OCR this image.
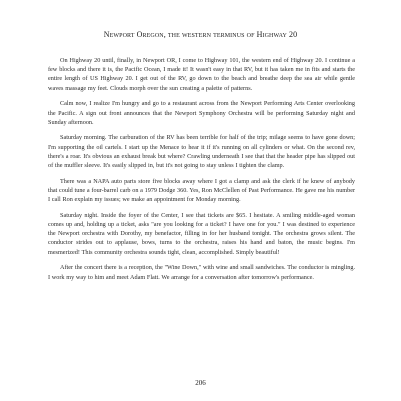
Newport Oregon, the western terminus of Highway 20

On Highway 20 until, finally, in Newport OR, I come to Highway 101, the western end of Highway 20. I continue a few blocks and there it is, the Pacific Ocean, I made it! It wasn't easy in that RV, but it has taken me in fits and starts the entire length of US Highway 20. I get out of the RV, go down to the beach and breathe deep the sea air while gentle waves massage my feet. Clouds morph over the sun creating a palette of patterns.

Calm now, I realize I'm hungry and go to a restaurant across from the Newport Performing Arts Center overlooking the Pacific. A sign out front announces that the Newport Symphony Orchestra will be performing Saturday night and Sunday afternoon.

Saturday morning. The carburation of the RV has been terrible for half of the trip; milage seems to have gone down; I'm supporting the oil cartels. I start up the Menace to hear it if it's running on all cylinders or what. On the second rev, there's a roar. It's obvious an exhaust break but where? Crawling underneath I see that that the header pipe has slipped out of the muffler sleeve. It's easily slipped in, but it's not going to stay unless I tighten the clamp.

There was a NAPA auto parts store five blocks away where I got a clamp and ask the clerk if he knew of anybody that could tune a four-barrel carb on a 1979 Dodge 360. Yes, Ron McClellen of Past Performance. He gave me his number I call Ron explain my issues; we make an appointment for Monday morning.

Saturday night. Inside the foyer of the Center, I see that tickets are $65. I hesitate. A smiling middle-aged woman comes up and, holding up a ticket, asks "are you looking for a ticket? I have one for you." I was destined to experience the Newport orchestra with Dorothy, my benefactor, filling in for her husband tonight. The orchestra grows silent. The conductor strides out to applause, bows, turns to the orchestra, raises his hand and baton, the music begins. I'm mesmerized! This community orchestra sounds tight, clean, accomplished. Simply beautiful!

After the concert there is a reception, the "Wine Down," with wine and small sandwiches. The conductor is mingling. I work my way to him and meet Adam Flatt. We arrange for a conversation after tomorrow's performance.

206
